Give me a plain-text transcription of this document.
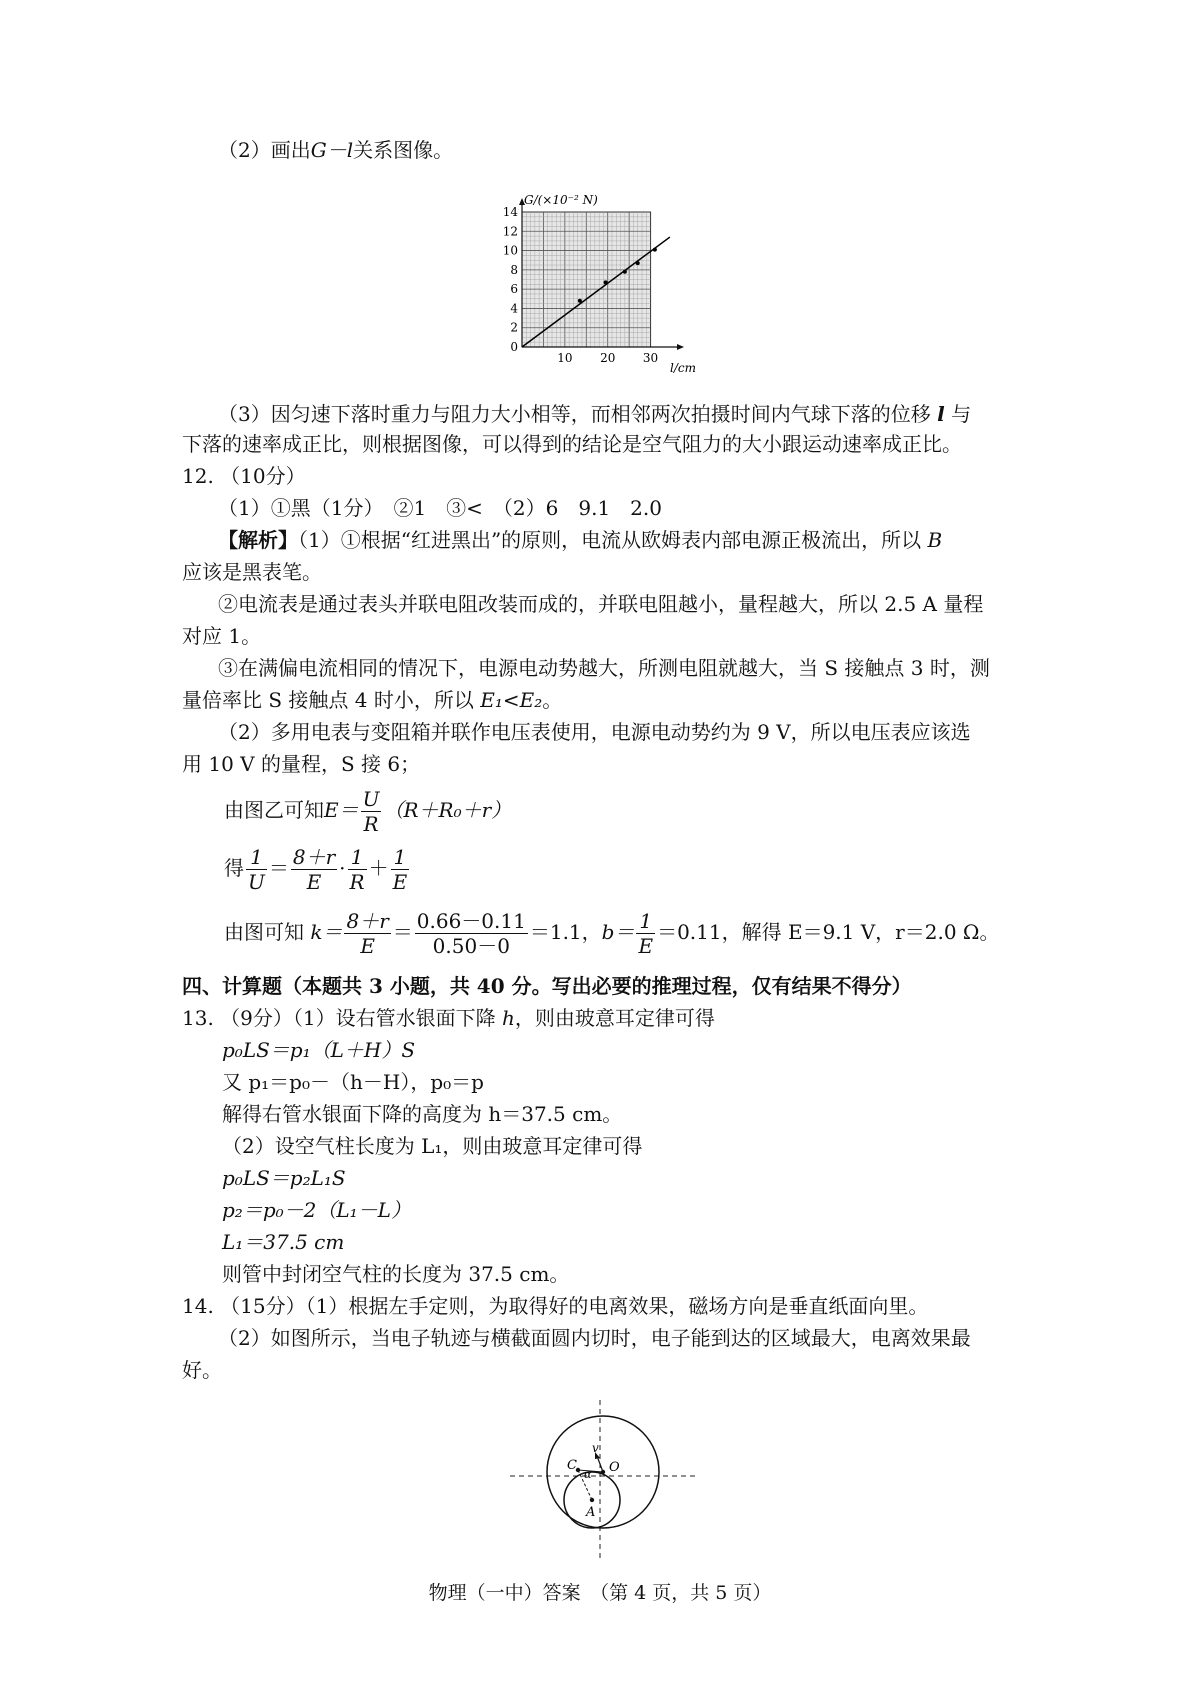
（2）画出G－l关系图像。
0
2
4
6
8
10
12
14
10 20 30
G/(×10⁻² N)
l/cm
（3）因匀速下落时重力与阻力大小相等，而相邻两次拍摄时间内气球下落的位移 l 与
下落的速率成正比，则根据图像，可以得到的结论是空气阻力的大小跟运动速率成正比。
12. （10分）
（1）①黑（1分）　②1　③<　（2）6　9.1　2.0
【解析】（1）①根据“红进黑出”的原则，电流从欧姆表内部电源正极流出，所以 B
应该是黑表笔。
②电流表是通过表头并联电阻改装而成的，并联电阻越小，量程越大，所以 2.5 A 量程
对应 1。
③在满偏电流相同的情况下，电源电动势越大，所测电阻就越大，当 S 接触点 3 时，测
量倍率比 S 接触点 4 时小，所以 E₁<E₂。
（2）多用电表与变阻箱并联作电压表使用，电源电动势约为 9 V，所以电压表应该选
用 10 V 的量程，S 接 6；
由图乙可知$E= \frac{U}{R} (R+R_0+r)$
得 $\frac{1}{U} = \frac{8+r}{E} \cdot \frac{1}{R} + \frac{1}{E}$
由图可知 $k= \frac{8+r}{E} = \frac{0.66-0.11}{0.50-0} =1.1$，$b= \frac{1}{E} =0.11$，解得 E＝9.1 V，r＝2.0 Ω。
四、计算题（本题共 3 小题，共 40 分。写出必要的推理过程，仅有结果不得分）
13. （9分）（1）设右管水银面下降 h，则由玻意耳定律可得
p₀LS＝p₁（L＋H）S
又 p₁＝p₀－（h－H），p₀＝p
解得右管水银面下降的高度为 h＝37.5 cm。
（2）设空气柱长度为 L₁，则由玻意耳定律可得
p₀LS＝p₂L₁S
p₂＝p₀－2（L₁－L）
L₁＝37.5 cm
则管中封闭空气柱的长度为 37.5 cm。
14. （15分）（1）根据左手定则，为取得好的电离效果，磁场方向是垂直纸面向里。
（2）如图所示，当电子轨迹与横截面圆内切时，电子能到达的区域最大，电离效果最
好。
v
C
α O
A
物理（一中）答案　（第 4 页，共 5 页）
